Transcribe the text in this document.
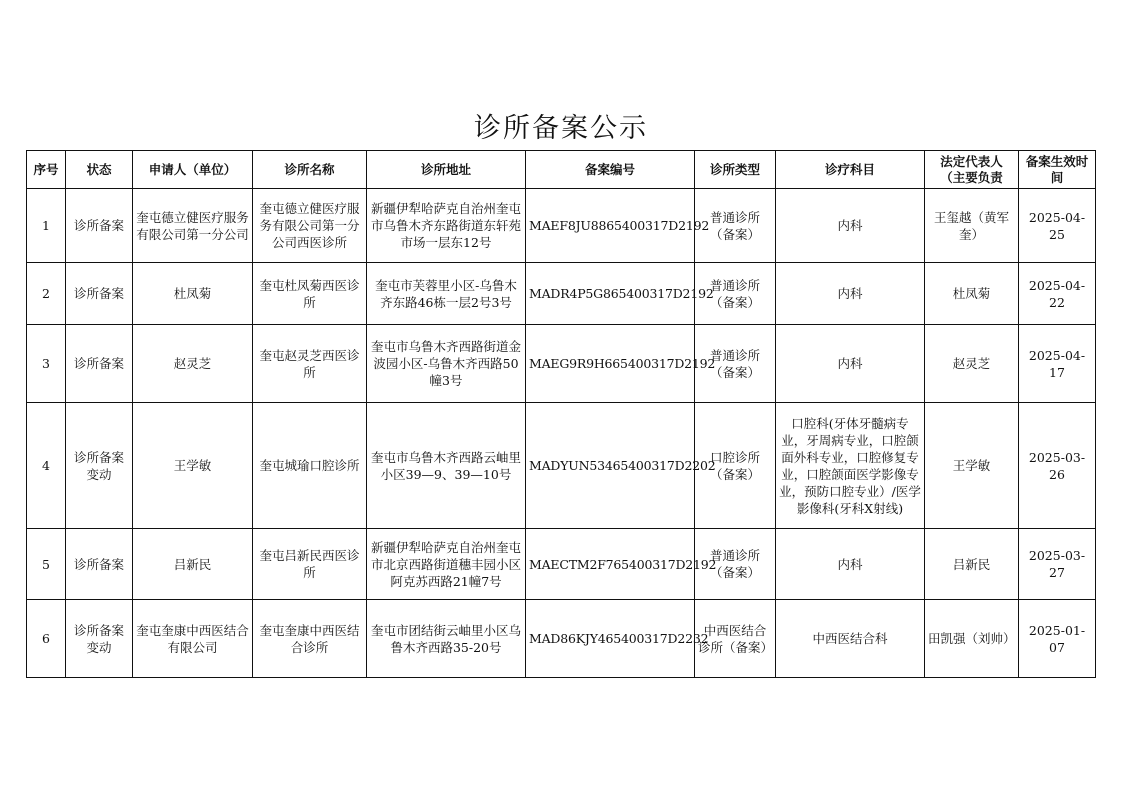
诊所备案公示
序号	状态	申请人（单位）	诊所名称	诊所地址	备案编号	诊所类型	诊疗科目	法定代表人（主要负责	备案生效时间
1	诊所备案	奎屯德立健医疗服务有限公司第一分公司	奎屯德立健医疗服务有限公司第一分公司西医诊所	新疆伊犁哈萨克自治州奎屯市乌鲁木齐东路街道东轩苑市场一层东12号	MAEF8JU8865400317D2192	普通诊所（备案）	内科	王玺越（黄军奎）	2025-04-25
2	诊所备案	杜凤菊	奎屯杜凤菊西医诊所	奎屯市芙蓉里小区-乌鲁木齐东路46栋一层2号3号	MADR4P5G865400317D2192	普通诊所（备案）	内科	杜凤菊	2025-04-22
3	诊所备案	赵灵芝	奎屯赵灵芝西医诊所	奎屯市乌鲁木齐西路街道金波园小区-乌鲁木齐西路50幢3号	MAEG9R9H665400317D2192	普通诊所（备案）	内科	赵灵芝	2025-04-17
4	诊所备案变动	王学敏	奎屯城瑜口腔诊所	奎屯市乌鲁木齐西路云岫里小区39—9、39—10号	MADYUN53465400317D2202	口腔诊所（备案）	口腔科(牙体牙髓病专业，牙周病专业，口腔颌面外科专业，口腔修复专业，口腔颌面医学影像专业，预防口腔专业）/医学影像科(牙科X射线)	王学敏	2025-03-26
5	诊所备案	吕新民	奎屯吕新民西医诊所	新疆伊犁哈萨克自治州奎屯市北京西路街道穗丰园小区阿克苏西路21幢7号	MAECTM2F765400317D2192	普通诊所（备案）	内科	吕新民	2025-03-27
6	诊所备案变动	奎屯奎康中西医结合有限公司	奎屯奎康中西医结合诊所	奎屯市团结街云岫里小区乌鲁木齐西路35-20号	MAD86KJY465400317D2232	中西医结合诊所（备案）	中西医结合科	田凯强（刘帅）	2025-01-07
